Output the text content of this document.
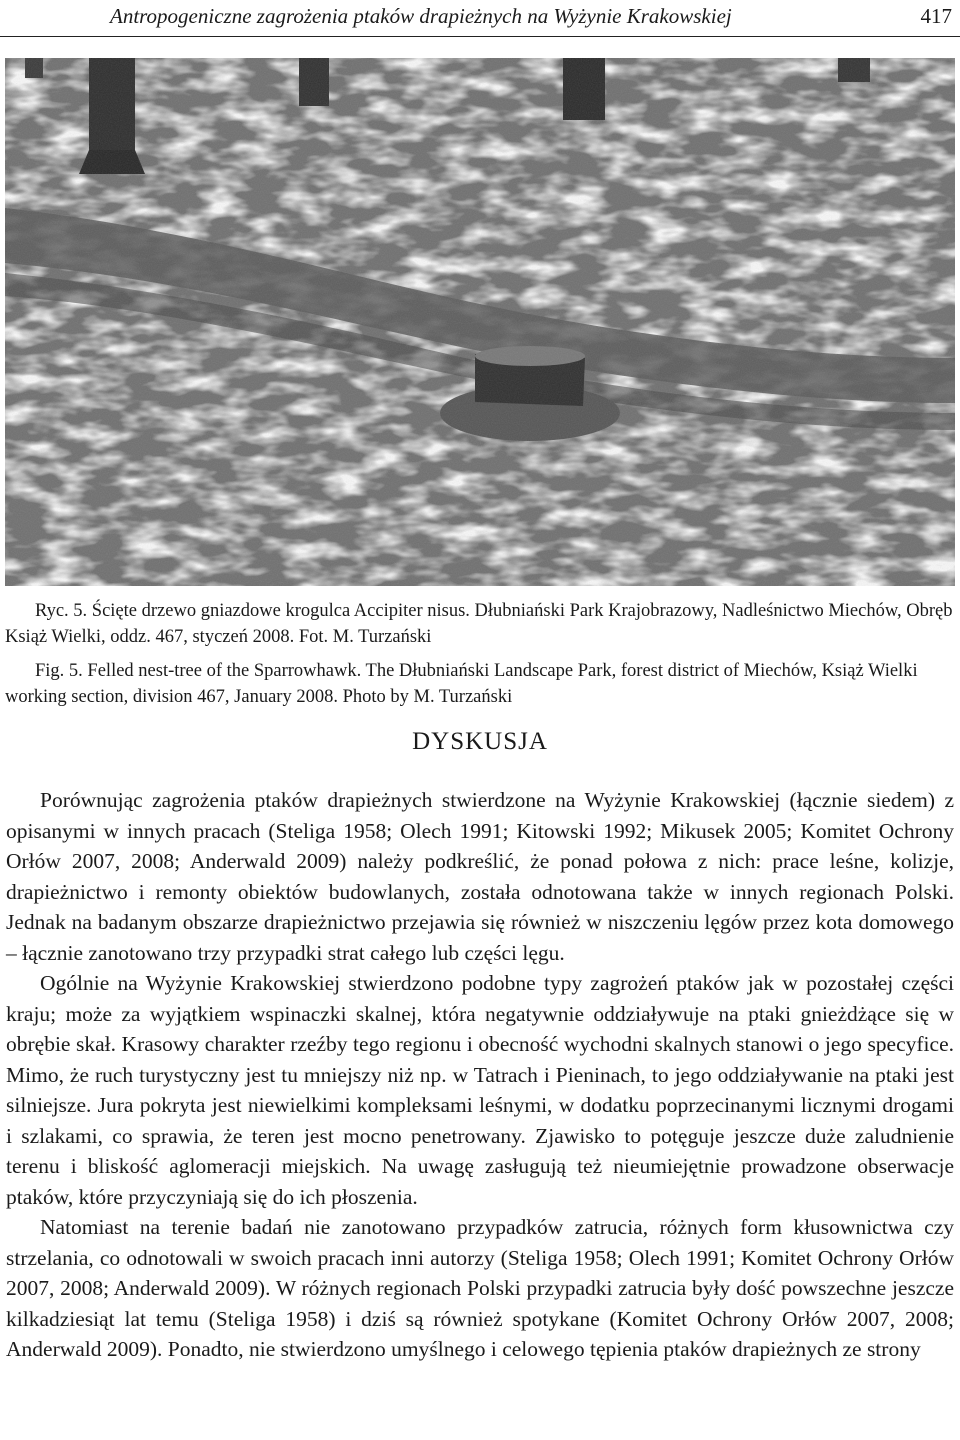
Antropogeniczne zagrożenia ptaków drapieżnych na Wyżynie Krakowskiej	417

Ryc. 5. Ścięte drzewo gniazdowe krogulca Accipiter nisus. Dłubniański Park Krajobrazowy, Nadleśnictwo Miechów, Obręb Książ Wielki, oddz. 467, styczeń 2008. Fot. M. Turzański

Fig. 5. Felled nest-tree of the Sparrowhawk. The Dłubniański Landscape Park, forest district of Miechów, Książ Wielki working section, division 467, January 2008. Photo by M. Turzański

DYSKUSJA

Porównując zagrożenia ptaków drapieżnych stwierdzone na Wyżynie Krakowskiej (łącznie siedem) z opisanymi w innych pracach (Steliga 1958; Olech 1991; Kitowski 1992; Mikusek 2005; Komitet Ochrony Orłów 2007, 2008; Anderwald 2009) należy podkreślić, że ponad połowa z nich: prace leśne, kolizje, drapieżnictwo i remonty obiektów budowlanych, została odnotowana także w innych regionach Polski. Jednak na badanym obszarze drapieżnictwo przejawia się również w niszczeniu lęgów przez kota domowego – łącznie zanotowano trzy przypadki strat całego lub części lęgu.

Ogólnie na Wyżynie Krakowskiej stwierdzono podobne typy zagrożeń ptaków jak w pozostałej części kraju; może za wyjątkiem wspinaczki skalnej, która negatywnie oddziaływuje na ptaki gnieżdżące się w obrębie skał. Krasowy charakter rzeźby tego regionu i obecność wychodni skalnych stanowi o jego specyfice. Mimo, że ruch turystyczny jest tu mniejszy niż np. w Tatrach i Pieninach, to jego oddziaływanie na ptaki jest silniejsze. Jura pokryta jest niewielkimi kompleksami leśnymi, w dodatku poprzecinanymi licznymi drogami i szlakami, co sprawia, że teren jest mocno penetrowany. Zjawisko to potęguje jeszcze duże zaludnienie terenu i bliskość aglomeracji miejskich. Na uwagę zasługują też nieumiejętnie prowadzone obserwacje ptaków, które przyczyniają się do ich płoszenia.

Natomiast na terenie badań nie zanotowano przypadków zatrucia, różnych form kłusownictwa czy strzelania, co odnotowali w swoich pracach inni autorzy (Steliga 1958; Olech 1991; Komitet Ochrony Orłów 2007, 2008; Anderwald 2009). W różnych regionach Polski przypadki zatrucia były dość powszechne jeszcze kilkadziesiąt lat temu (Steliga 1958) i dziś są również spotykane (Komitet Ochrony Orłów 2007, 2008; Anderwald 2009). Ponadto, nie stwierdzono umyślnego i celowego tępienia ptaków drapieżnych ze strony
